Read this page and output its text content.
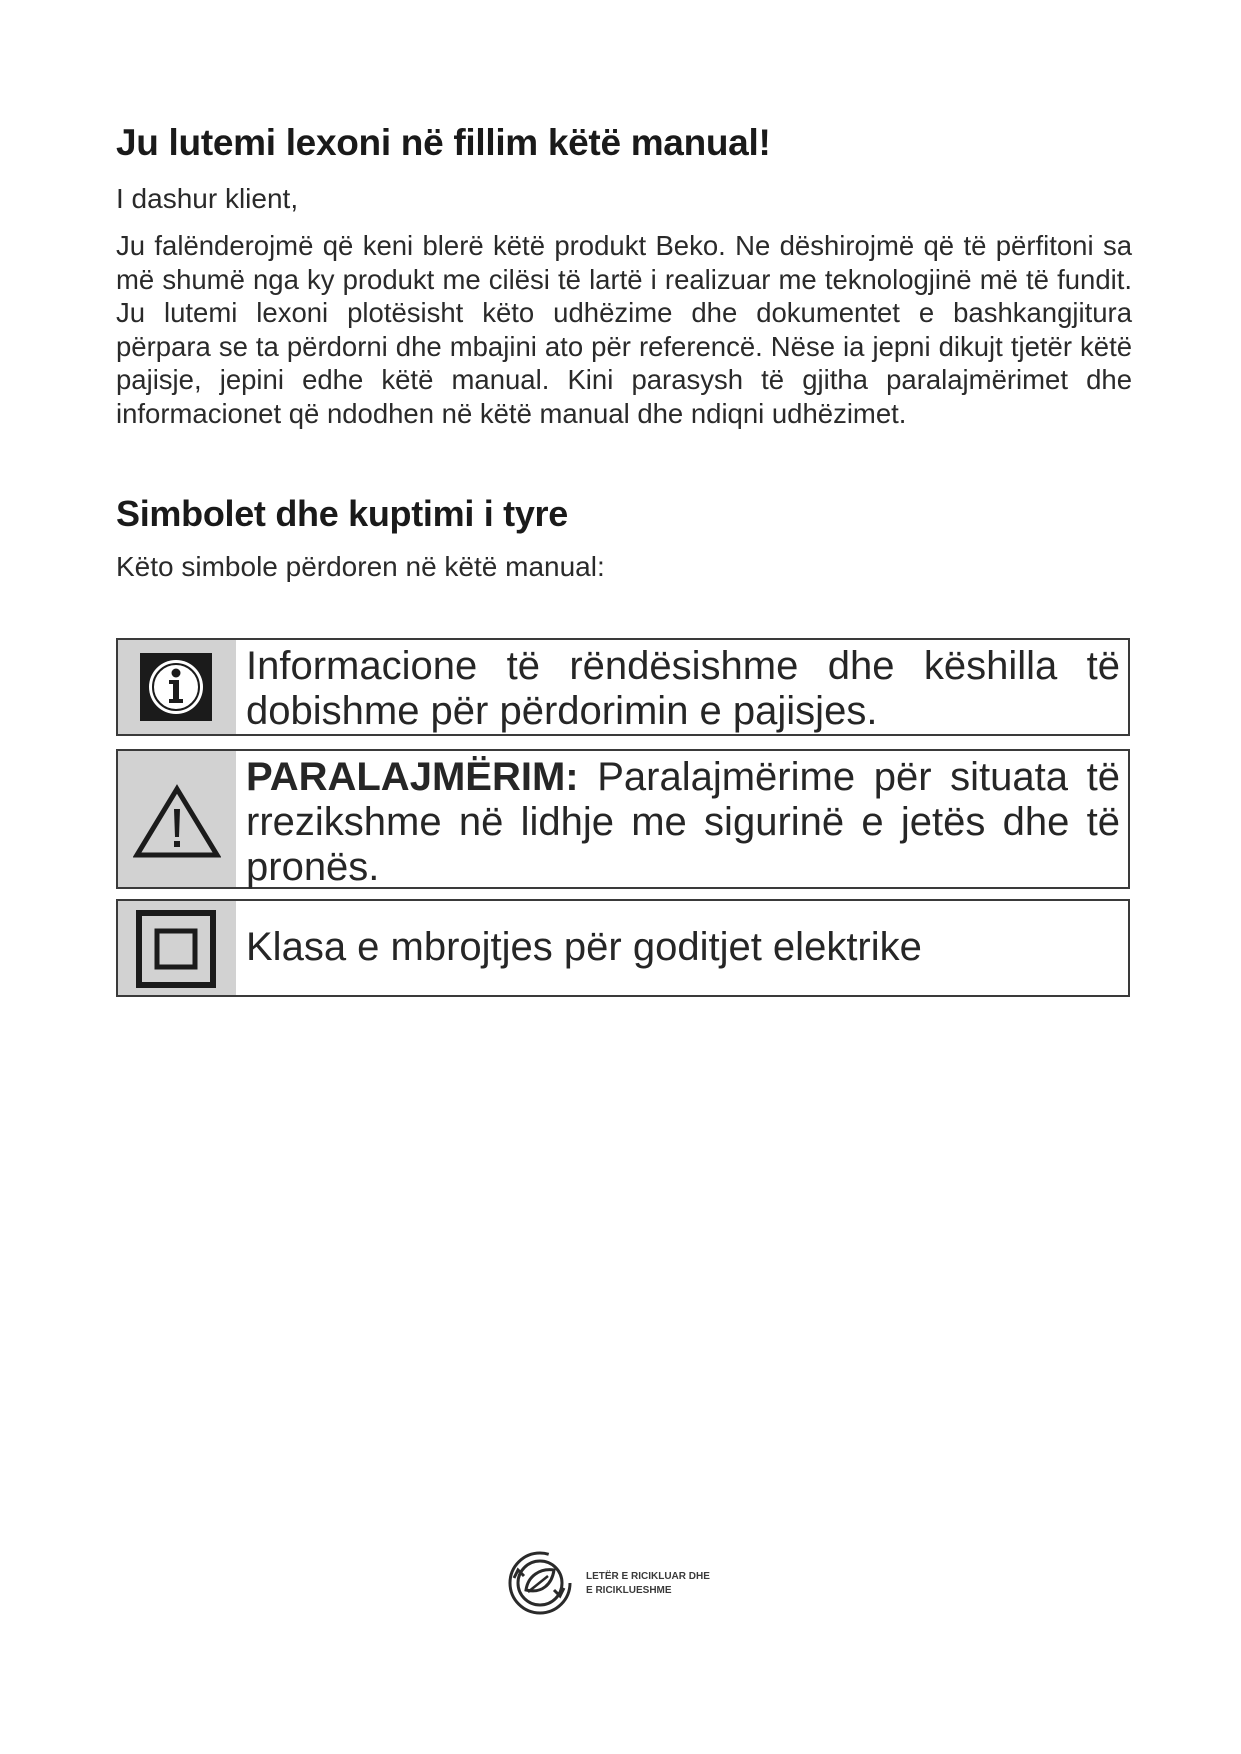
Ju lutemi lexoni në fillim këtë manual!

I dashur klient,

Ju falënderojmë që keni blerë këtë produkt Beko. Ne dëshirojmë që të përfitoni sa më shumë nga ky produkt me cilësi të lartë i realizuar me teknologjinë më të fundit. Ju lutemi lexoni plotësisht këto udhëzime dhe dokumentet e bashkangjitura përpara se ta përdorni dhe mbajini ato për referencë. Nëse ia jepni dikujt tjetër këtë pajisje, jepini edhe këtë manual. Kini parasysh të gjitha paralajmërimet dhe informacionet që ndodhen në këtë manual dhe ndiqni udhëzimet.

Simbolet dhe kuptimi i tyre

Këto simbole përdoren në këtë manual:

Informacione të rëndësishme dhe këshilla të dobishme për përdorimin e pajisjes.

PARALAJMËRIM: Paralajmërime për situata të rrezikshme në lidhje me sigurinë e jetës dhe të pronës.

Klasa e mbrojtjes për goditjet elektrike

LETËR E RICIKLUAR DHE
E RICIKLUESHME
